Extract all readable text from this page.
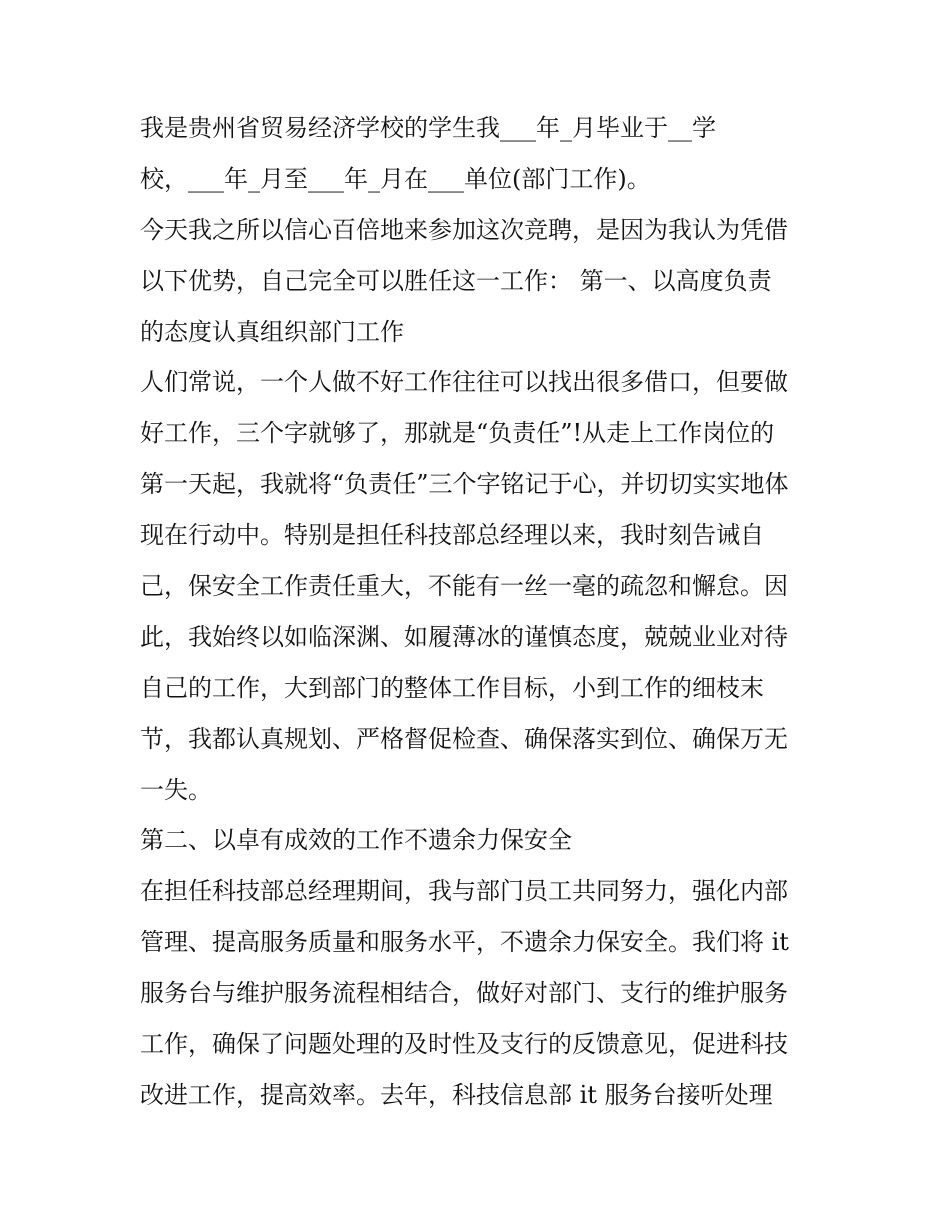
我是贵州省贸易经济学校的学生我___年_月毕业于__学
校，___年_月至___年_月在___单位(部门工作)。
今天我之所以信心百倍地来参加这次竞聘，是因为我认为凭借
以下优势，自己完全可以胜任这一工作： 第一、以高度负责
的态度认真组织部门工作
人们常说，一个人做不好工作往往可以找出很多借口，但要做
好工作，三个字就够了，那就是“负责任”!从走上工作岗位的
第一天起，我就将“负责任”三个字铭记于心，并切切实实地体
现在行动中。特别是担任科技部总经理以来，我时刻告诫自
己，保安全工作责任重大，不能有一丝一毫的疏忽和懈怠。因
此，我始终以如临深渊、如履薄冰的谨慎态度，兢兢业业对待
自己的工作，大到部门的整体工作目标，小到工作的细枝末
节，我都认真规划、严格督促检查、确保落实到位、确保万无
一失。
第二、以卓有成效的工作不遗余力保安全
在担任科技部总经理期间，我与部门员工共同努力，强化内部
管理、提高服务质量和服务水平，不遗余力保安全。我们将 it
服务台与维护服务流程相结合，做好对部门、支行的维护服务
工作，确保了问题处理的及时性及支行的反馈意见，促进科技
改进工作，提高效率。去年，科技信息部 it 服务台接听处理
